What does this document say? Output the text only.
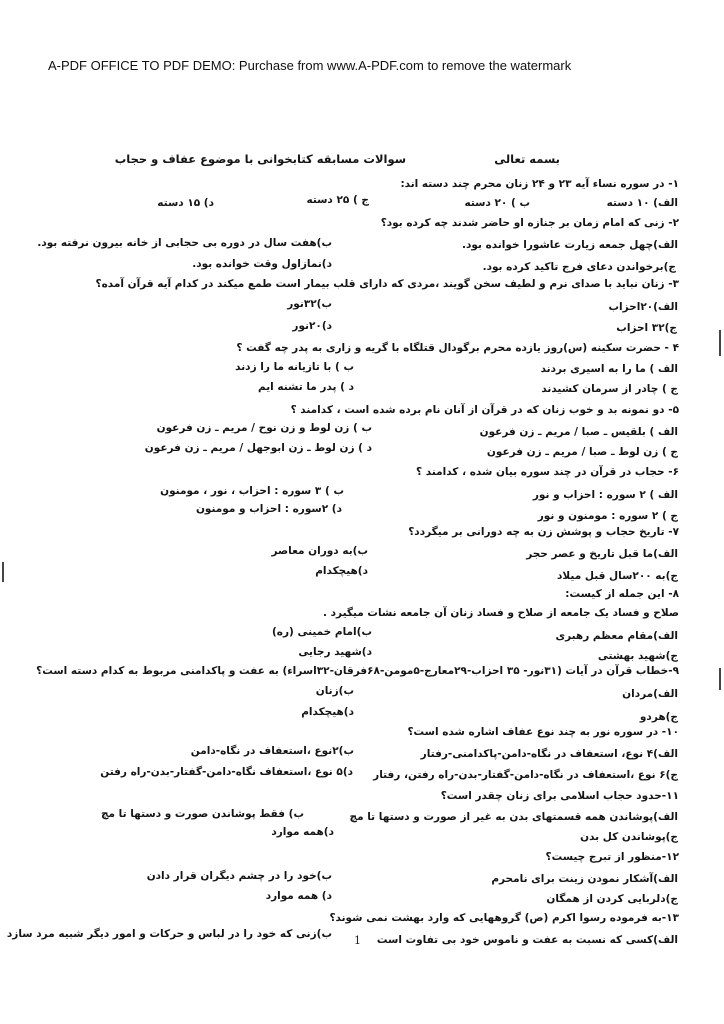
A-PDF OFFICE TO PDF DEMO: Purchase from www.A-PDF.com to remove the watermark
بسمه تعالی
سوالات مسابقه کتابخوانی با موضوع عفاف و حجاب
۱- در سوره نساء آیه ۲۳ و ۲۴ زنان محرم چند دسته اند:
الف) ۱۰ دسته
ب ) ۲۰ دسته
ج ) ۲۵ دسته
د) ۱۵ دسته
۲- زنی که امام زمان بر جنازه او حاضر شدند چه کرده بود؟
الف)چهل جمعه زیارت عاشورا خوانده بود.
ب)هفت سال در دوره بی حجابی از خانه بیرون نرفته بود.
ج)برخواندن دعای فرج تاکید کرده بود.
د)نمازاول وقت خوانده بود.
۳- زنان نباید با صدای نرم و لطیف سخن گویند ،مردی که دارای قلب بیمار است طمع میکند در کدام آیه قرآن آمده؟
الف)۲۰احزاب
ب)۳۲نور
ج)۳۲ احزاب
د)۲۰نور
۴ - حضرت سکینه (س)روز یازده محرم برگودال قتلگاه با گریه و زاری به پدر چه گفت ؟
الف ) ما را به اسیری بردند
ب ) با تازیانه ما را زدند
ج ) چادر از سرمان کشیدند
د ) پدر ما تشنه ایم
۵- دو نمونه بد و خوب زنان که در قرآن از آنان نام برده شده است ، کدامند ؟
الف ) بلقیس ـ صبا / مریم ـ زن فرعون
ب ) زن لوط و زن نوح / مریم ـ زن فرعون
ج ) زن لوط ـ صبا / مریم ـ زن فرعون
د ) زن لوط ـ زن ابوجهل / مریم ـ زن فرعون
۶- حجاب در قرآن در چند سوره بیان شده ، کدامند ؟
الف ) ۲ سوره : احزاب و نور
ب ) ۳ سوره : احزاب ، نور ، مومنون
ج ) ۲ سوره : مومنون و نور
د) ۲سوره : احزاب و مومنون
۷- تاریخ حجاب و پوشش زن به چه دورانی بر میگردد؟
الف)ما قبل تاریخ و عصر حجر
ب)به دوران معاصر
ج)به ۲۰۰سال قبل میلاد
د)هیچکدام
۸- این جمله از کیست:
صلاح و فساد یک جامعه از صلاح و فساد زنان آن جامعه نشات میگیرد .
الف)مقام معظم رهبری
ب)امام خمینی (ره)
ج)شهید بهشتی
د)شهید رجایی
۹-خطاب قرآن در آیات (۳۱نور- ۳۵ احزاب-۲۹معارج-۵مومن-۶۸فرقان-۳۲اسراء) به عفت و پاکدامنی مربوط به کدام دسته است؟
الف)مردان
ب)زنان
ج)هردو
د)هیچکدام
۱۰- در سوره نور به چند نوع عفاف اشاره شده است؟
الف)۴ نوع، استعفاف در نگاه-دامن-پاکدامنی-رفتار
ب)۲نوع ،استعفاف در نگاه-دامن
ج)۶ نوع ،استعفاف در نگاه-دامن-گفتار-بدن-راه رفتن، رفتار
د)۵ نوع ،استعفاف نگاه-دامن-گفتار-بدن-راه رفتن
۱۱-حدود حجاب اسلامی برای زنان چقدر است؟
الف)پوشاندن همه قسمتهای بدن به غیر از صورت و دستها تا مچ
ب) فقط پوشاندن صورت و دستها تا مچ
ج)پوشاندن کل بدن
د)همه موارد
۱۲-منظور از تبرج چیست؟
الف)آشکار نمودن زینت برای نامحرم
ب)خود را در چشم دیگران قرار دادن
ج)دلربایی کردن از همگان
د) همه موارد
۱۳-به فرموده رسوا اکرم (ص) گروههایی که وارد بهشت نمی شوند؟
الف)کسی که نسبت به عفت و ناموس خود بی تفاوت است
ب)زنی که خود را در لباس و حرکات و امور دیگر شبیه مرد سازد 1
